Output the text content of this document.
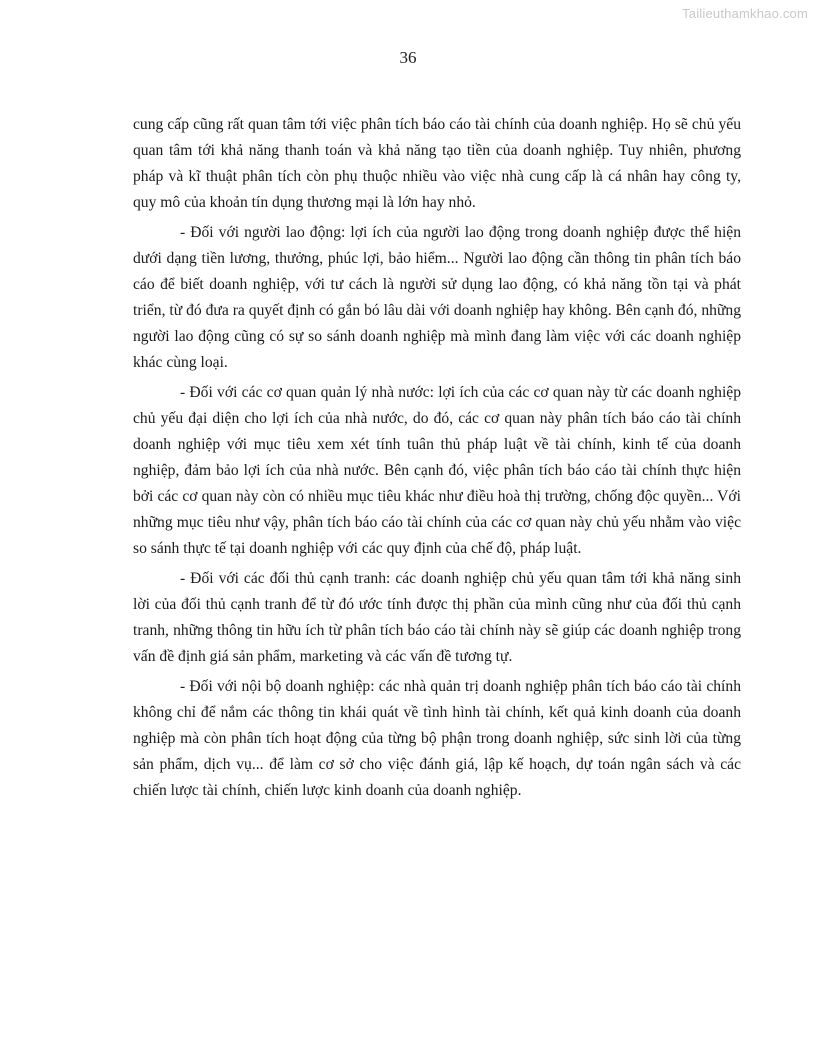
Tailieuthamkhao.com
36

cung cấp cũng rất quan tâm tới việc phân tích báo cáo tài chính của doanh nghiệp. Họ sẽ chủ yếu quan tâm tới khả năng thanh toán và khả năng tạo tiền của doanh nghiệp. Tuy nhiên, phương pháp và kĩ thuật phân tích còn phụ thuộc nhiều vào việc nhà cung cấp là cá nhân hay công ty, quy mô của khoản tín dụng thương mại là lớn hay nhỏ.

- Đối với người lao động: lợi ích của người lao động trong doanh nghiệp được thể hiện dưới dạng tiền lương, thưởng, phúc lợi, bảo hiểm... Người lao động cần thông tin phân tích báo cáo để biết doanh nghiệp, với tư cách là người sử dụng lao động, có khả năng tồn tại và phát triển, từ đó đưa ra quyết định có gắn bó lâu dài với doanh nghiệp hay không. Bên cạnh đó, những người lao động cũng có sự so sánh doanh nghiệp mà mình đang làm việc với các doanh nghiệp khác cùng loại.

- Đối với các cơ quan quản lý nhà nước: lợi ích của các cơ quan này từ các doanh nghiệp chủ yếu đại diện cho lợi ích của nhà nước, do đó, các cơ quan này phân tích báo cáo tài chính doanh nghiệp với mục tiêu xem xét tính tuân thủ pháp luật về tài chính, kinh tế của doanh nghiệp, đảm bảo lợi ích của nhà nước. Bên cạnh đó, việc phân tích báo cáo tài chính thực hiện bởi các cơ quan này còn có nhiều mục tiêu khác như điều hoà thị trường, chống độc quyền... Với những mục tiêu như vậy, phân tích báo cáo tài chính của các cơ quan này chủ yếu nhằm vào việc so sánh thực tế tại doanh nghiệp với các quy định của chế độ, pháp luật.

- Đối với các đối thủ cạnh tranh: các doanh nghiệp chủ yếu quan tâm tới khả năng sinh lời của đối thủ cạnh tranh để từ đó ước tính được thị phần của mình cũng như của đối thủ cạnh tranh, những thông tin hữu ích từ phân tích báo cáo tài chính này sẽ giúp các doanh nghiệp trong vấn đề định giá sản phẩm, marketing và các vấn đề tương tự.

- Đối với nội bộ doanh nghiệp: các nhà quản trị doanh nghiệp phân tích báo cáo tài chính không chỉ để nắm các thông tin khái quát về tình hình tài chính, kết quả kinh doanh của doanh nghiệp mà còn phân tích hoạt động của từng bộ phận trong doanh nghiệp, sức sinh lời của từng sản phẩm, dịch vụ... để làm cơ sở cho việc đánh giá, lập kế hoạch, dự toán ngân sách và các chiến lược tài chính, chiến lược kinh doanh của doanh nghiệp.
